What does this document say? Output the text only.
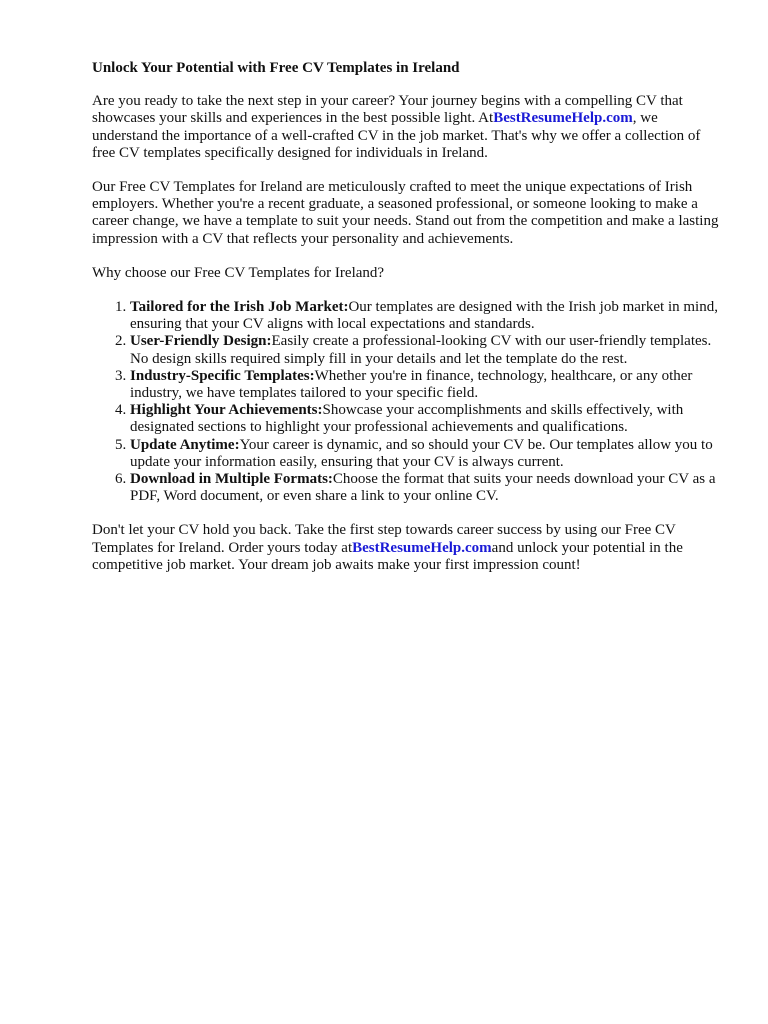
Unlock Your Potential with Free CV Templates in Ireland

Are you ready to take the next step in your career? Your journey begins with a compelling CV that showcases your skills and experiences in the best possible light. AtBestResumeHelp.com, we understand the importance of a well-crafted CV in the job market. That's why we offer a collection of free CV templates specifically designed for individuals in Ireland.

Our Free CV Templates for Ireland are meticulously crafted to meet the unique expectations of Irish employers. Whether you're a recent graduate, a seasoned professional, or someone looking to make a career change, we have a template to suit your needs. Stand out from the competition and make a lasting impression with a CV that reflects your personality and achievements.

Why choose our Free CV Templates for Ireland?

1. Tailored for the Irish Job Market:Our templates are designed with the Irish job market in mind, ensuring that your CV aligns with local expectations and standards.
2. User-Friendly Design:Easily create a professional-looking CV with our user-friendly templates. No design skills required simply fill in your details and let the template do the rest.
3. Industry-Specific Templates:Whether you're in finance, technology, healthcare, or any other industry, we have templates tailored to your specific field.
4. Highlight Your Achievements:Showcase your accomplishments and skills effectively, with designated sections to highlight your professional achievements and qualifications.
5. Update Anytime:Your career is dynamic, and so should your CV be. Our templates allow you to update your information easily, ensuring that your CV is always current.
6. Download in Multiple Formats:Choose the format that suits your needs download your CV as a PDF, Word document, or even share a link to your online CV.

Don't let your CV hold you back. Take the first step towards career success by using our Free CV Templates for Ireland. Order yours today atBestResumeHelp.comand unlock your potential in the competitive job market. Your dream job awaits make your first impression count!
